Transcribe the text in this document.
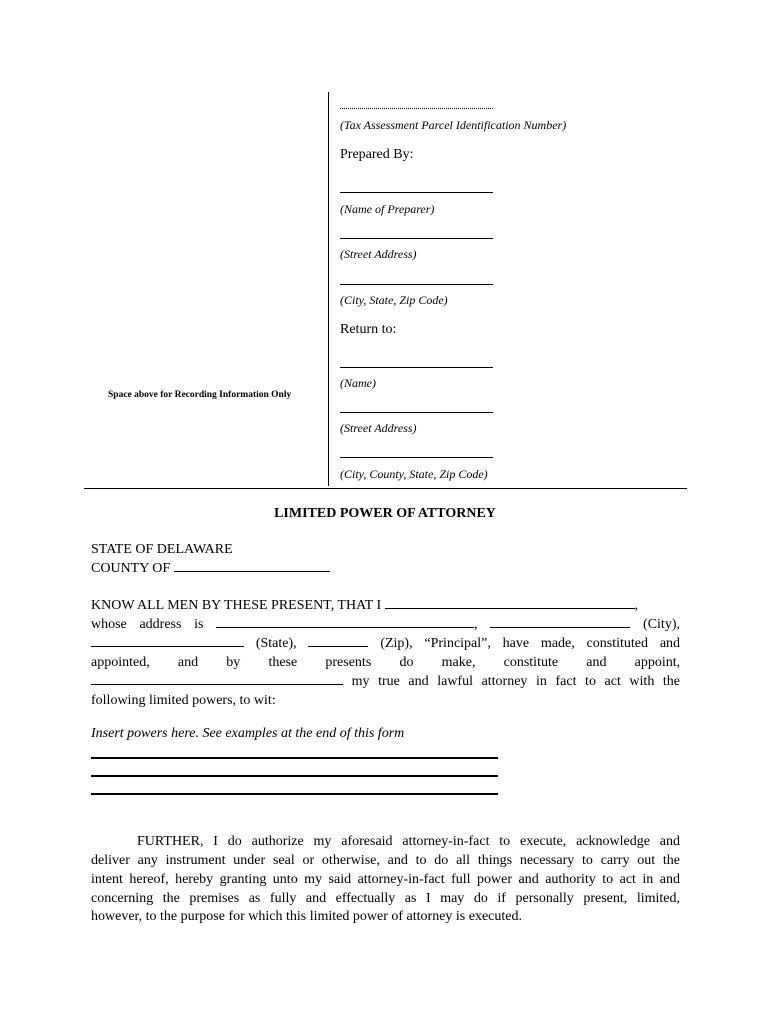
(Tax Assessment Parcel Identification Number)
Prepared By:
(Name of Preparer)
(Street Address)
(City, State, Zip Code)
Return to:
(Name)
(Street Address)
(City, County, State, Zip Code)
Space above for Recording Information Only
LIMITED POWER OF ATTORNEY
STATE OF DELAWARE
COUNTY OF
KNOW ALL MEN BY THESE PRESENT, THAT I	,
whose address is	,	(City),
(State),	(Zip), “Principal”, have made, constituted and
appointed, and by these presents do make, constitute and appoint,
my true and lawful attorney in fact to act with the
following limited powers, to wit:
Insert powers here. See examples at the end of this form
FURTHER, I do authorize my aforesaid attorney-in-fact to execute, acknowledge and
deliver any instrument under seal or otherwise, and to do all things necessary to carry out the
intent hereof, hereby granting unto my said attorney-in-fact full power and authority to act in and
concerning the premises as fully and effectually as I may do if personally present, limited,
however, to the purpose for which this limited power of attorney is executed.
